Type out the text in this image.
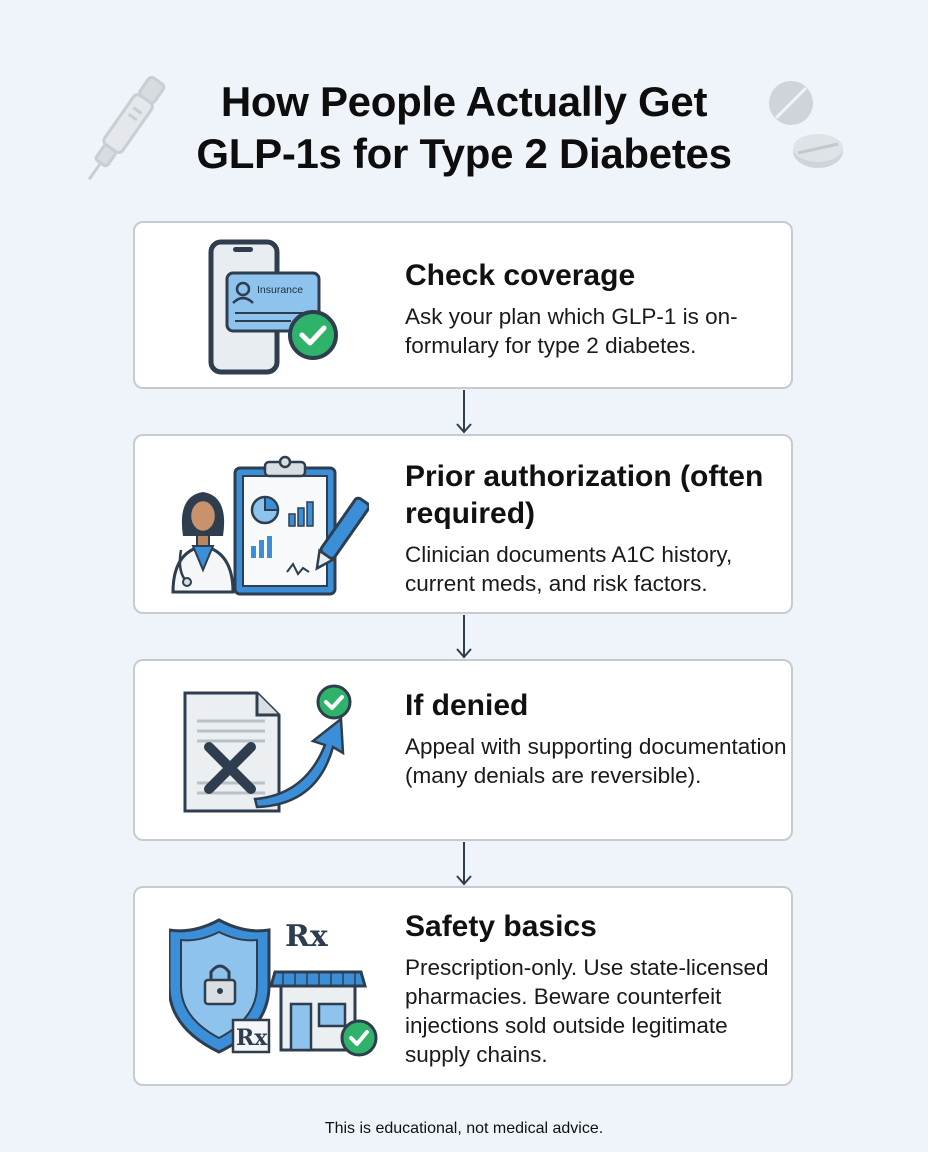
How People Actually Get
GLP-1s for Type 2 Diabetes
Insurance	Check coverage

Ask your plan which GLP-1 is on-formulary for type 2 diabetes.

Prior authorization (often required)

Clinician documents A1C history, current meds, and risk factors.

If denied

Appeal with supporting documentation (many denials are reversible).

Rx
Rx	Safety basics

Prescription-only. Use state-licensed pharmacies. Beware counterfeit injections sold outside legitimate supply chains.

This is educational, not medical advice.
